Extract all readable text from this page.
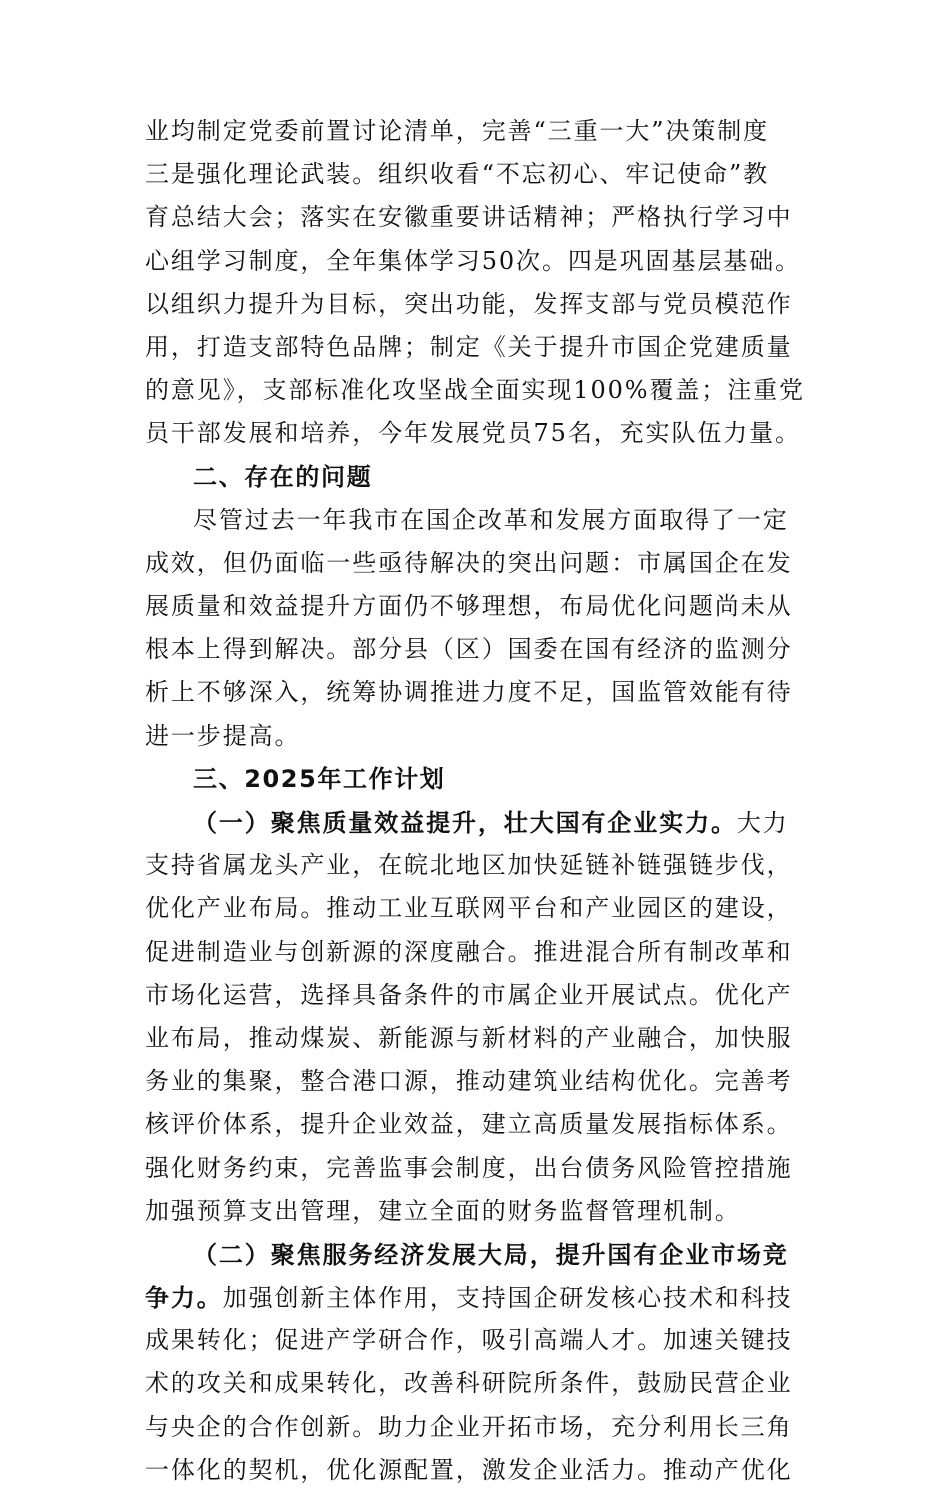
业均制定党委前置讨论清单，完善“三重一大”决策制度
三是强化理论武装。组织收看“不忘初心、牢记使命”教
育总结大会；落实在安徽重要讲话精神；严格执行学习中
心组学习制度，全年集体学习50次。四是巩固基层基础。
以组织力提升为目标，突出功能，发挥支部与党员模范作
用，打造支部特色品牌；制定《关于提升市国企党建质量
的意见》，支部标准化攻坚战全面实现100%覆盖；注重党
员干部发展和培养，今年发展党员75名，充实队伍力量。
二、存在的问题
尽管过去一年我市在国企改革和发展方面取得了一定
成效，但仍面临一些亟待解决的突出问题：市属国企在发
展质量和效益提升方面仍不够理想，布局优化问题尚未从
根本上得到解决。部分县（区）国委在国有经济的监测分
析上不够深入，统筹协调推进力度不足，国监管效能有待
进一步提高。
三、2025年工作计划
（一）聚焦质量效益提升，壮大国有企业实力。大力
支持省属龙头产业，在皖北地区加快延链补链强链步伐，
优化产业布局。推动工业互联网平台和产业园区的建设，
促进制造业与创新源的深度融合。推进混合所有制改革和
市场化运营，选择具备条件的市属企业开展试点。优化产
业布局，推动煤炭、新能源与新材料的产业融合，加快服
务业的集聚，整合港口源，推动建筑业结构优化。完善考
核评价体系，提升企业效益，建立高质量发展指标体系。
强化财务约束，完善监事会制度，出台债务风险管控措施
加强预算支出管理，建立全面的财务监督管理机制。
（二）聚焦服务经济发展大局，提升国有企业市场竞
争力。加强创新主体作用，支持国企研发核心技术和科技
成果转化；促进产学研合作，吸引高端人才。加速关键技
术的攻关和成果转化，改善科研院所条件，鼓励民营企业
与央企的合作创新。助力企业开拓市场，充分利用长三角
一体化的契机，优化源配置，激发企业活力。推动产优化
